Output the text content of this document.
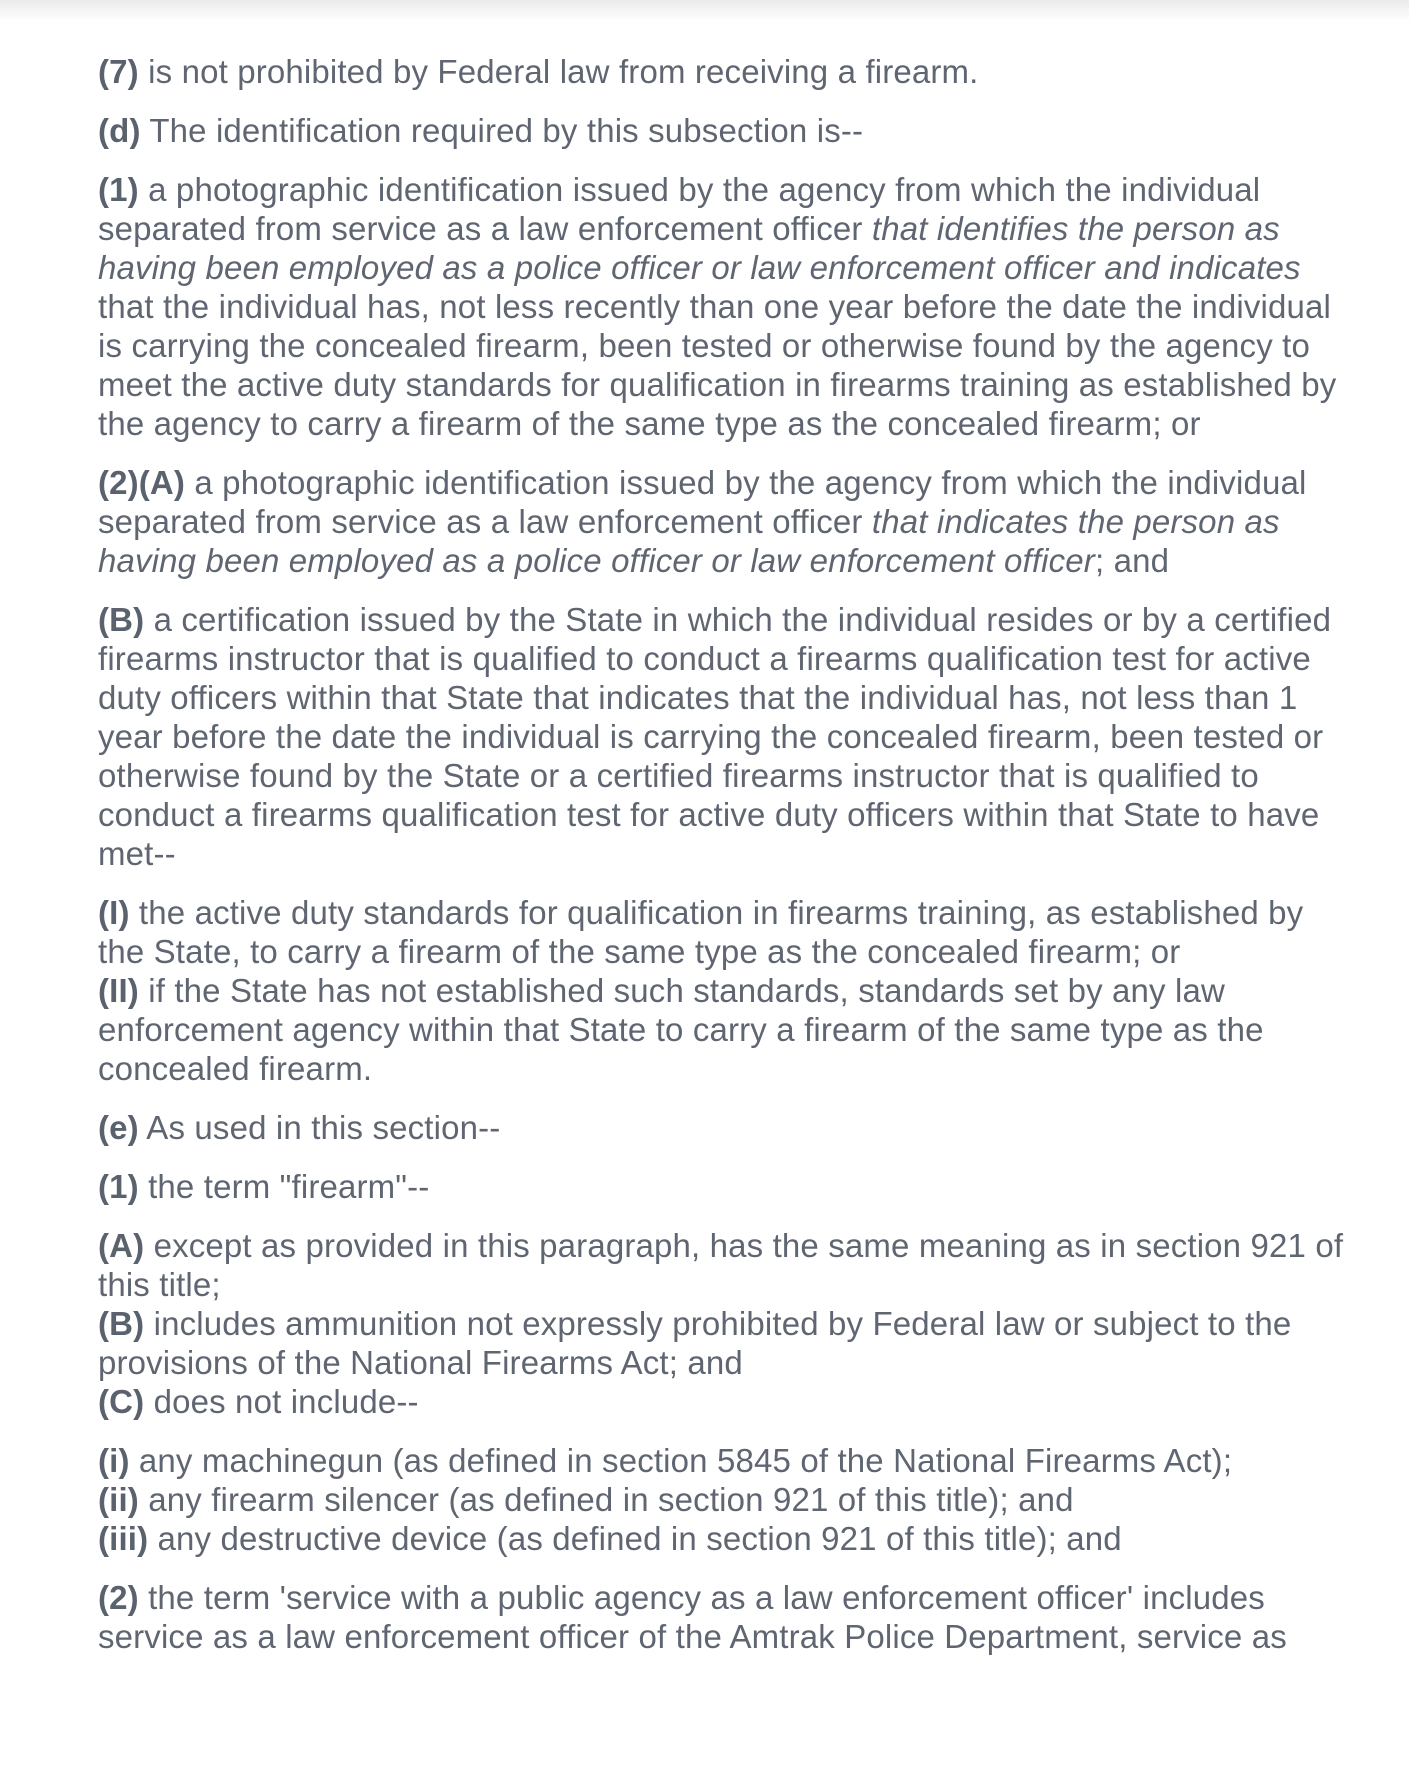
(7) is not prohibited by Federal law from receiving a firearm.

(d) The identification required by this subsection is--

(1) a photographic identification issued by the agency from which the individual separated from service as a law enforcement officer that identifies the person as having been employed as a police officer or law enforcement officer and indicates that the individual has, not less recently than one year before the date the individual is carrying the concealed firearm, been tested or otherwise found by the agency to meet the active duty standards for qualification in firearms training as established by the agency to carry a firearm of the same type as the concealed firearm; or

(2)(A) a photographic identification issued by the agency from which the individual separated from service as a law enforcement officer that indicates the person as having been employed as a police officer or law enforcement officer; and

(B) a certification issued by the State in which the individual resides or by a certified firearms instructor that is qualified to conduct a firearms qualification test for active duty officers within that State that indicates that the individual has, not less than 1 year before the date the individual is carrying the concealed firearm, been tested or otherwise found by the State or a certified firearms instructor that is qualified to conduct a firearms qualification test for active duty officers within that State to have met--

(I) the active duty standards for qualification in firearms training, as established by the State, to carry a firearm of the same type as the concealed firearm; or
(II) if the State has not established such standards, standards set by any law enforcement agency within that State to carry a firearm of the same type as the concealed firearm.

(e) As used in this section--

(1) the term "firearm"--

(A) except as provided in this paragraph, has the same meaning as in section 921 of this title;
(B) includes ammunition not expressly prohibited by Federal law or subject to the provisions of the National Firearms Act; and
(C) does not include--

(i) any machinegun (as defined in section 5845 of the National Firearms Act);
(ii) any firearm silencer (as defined in section 921 of this title); and
(iii) any destructive device (as defined in section 921 of this title); and

(2) the term 'service with a public agency as a law enforcement officer' includes service as a law enforcement officer of the Amtrak Police Department, service as
